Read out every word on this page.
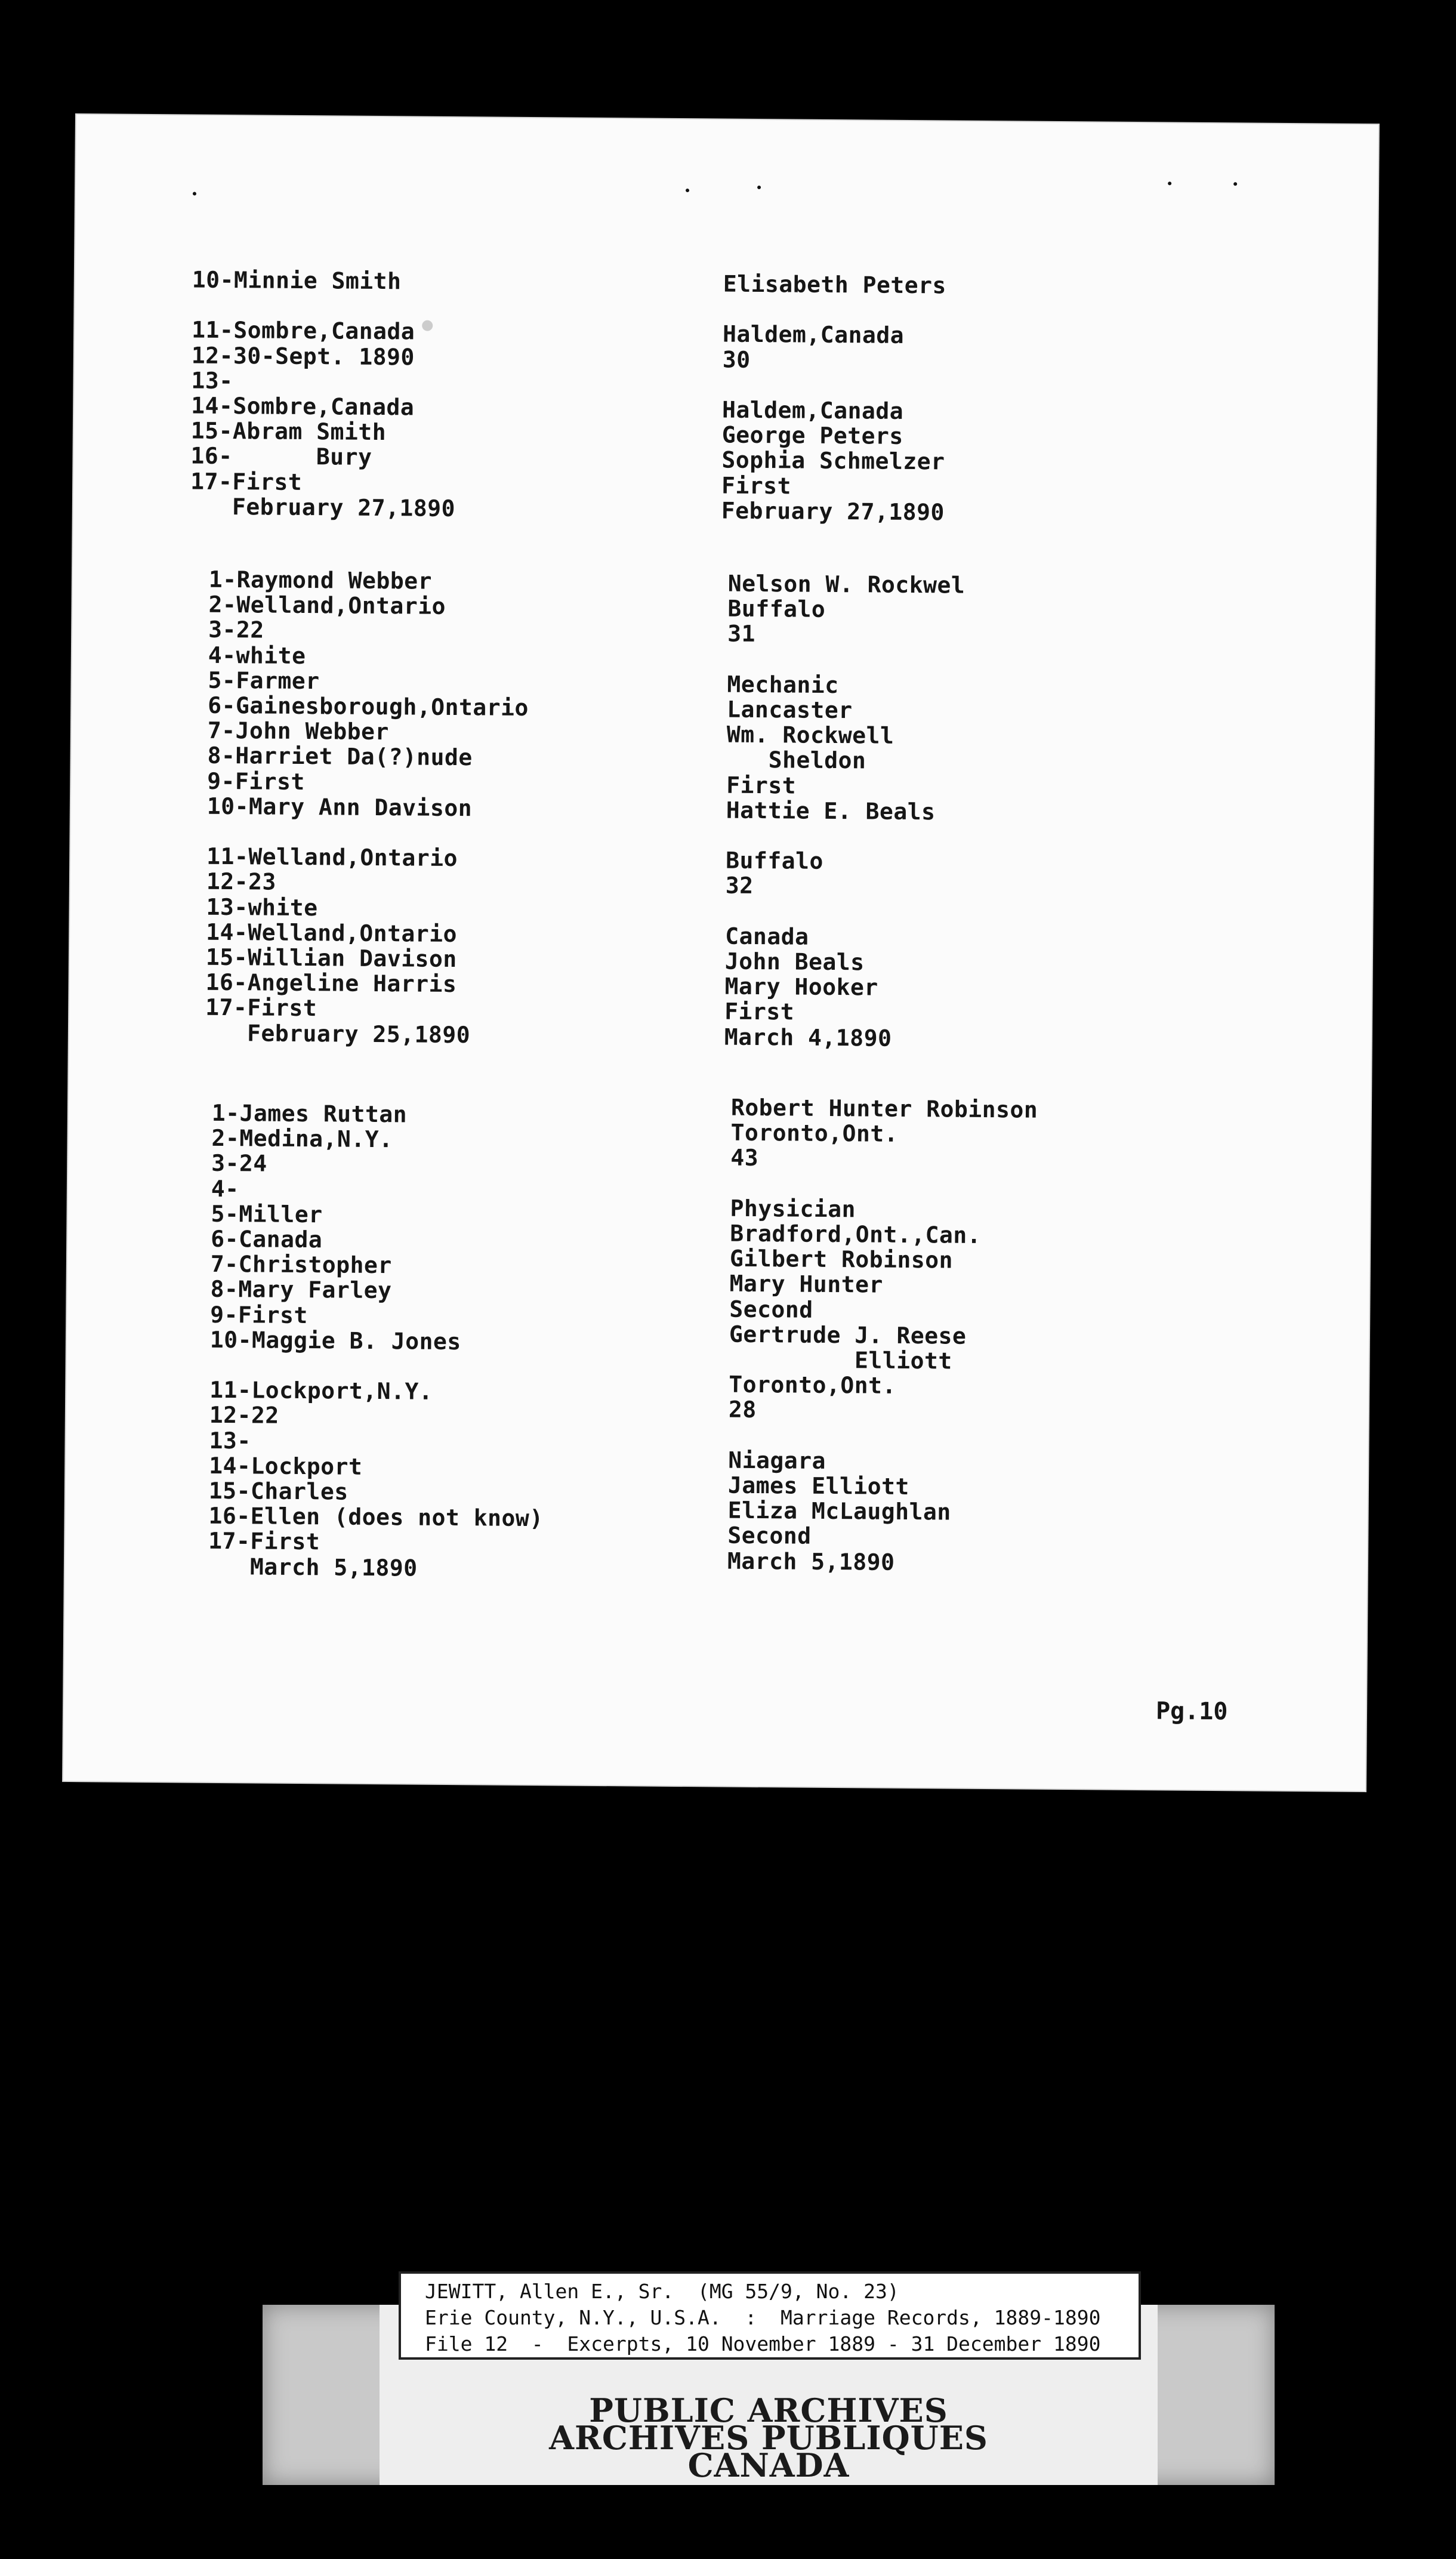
10-Minnie Smith

11-Sombre,Canada
12-30-Sept. 1890
13-
14-Sombre,Canada
15-Abram Smith
16-      Bury
17-First
February 27,1890
Elisabeth Peters

Haldem,Canada
30

Haldem,Canada
George Peters
Sophia Schmelzer
First
February 27,1890
1-Raymond Webber
2-Welland,Ontario
3-22
4-white
5-Farmer
6-Gainesborough,Ontario
7-John Webber
8-Harriet Da(?)nude
9-First
10-Mary Ann Davison

11-Welland,Ontario
12-23
13-white
14-Welland,Ontario
15-Willian Davison
16-Angeline Harris
17-First
February 25,1890
Nelson W. Rockwel
Buffalo
31

Mechanic
Lancaster
Wm. Rockwell
Sheldon
First
Hattie E. Beals

Buffalo
32

Canada
John Beals
Mary Hooker
First
March 4,1890
1-James Ruttan
2-Medina,N.Y.
3-24
4-
5-Miller
6-Canada
7-Christopher
8-Mary Farley
9-First
10-Maggie B. Jones

11-Lockport,N.Y.
12-22
13-
14-Lockport
15-Charles
16-Ellen (does not know)
17-First
March 5,1890
Robert Hunter Robinson
Toronto,Ont.
43

Physician
Bradford,Ont.,Can.
Gilbert Robinson
Mary Hunter
Second
Gertrude J. Reese
Elliott
Toronto,Ont.
28

Niagara
James Elliott
Eliza McLaughlan
Second
March 5,1890
Pg.10
PUBLIC ARCHIVES
ARCHIVES PUBLIQUES
CANADA
JEWITT, Allen E., Sr.  (MG 55/9, No. 23)
Erie County, N.Y., U.S.A.  :  Marriage Records, 1889-1890
File 12  -  Excerpts, 10 November 1889 - 31 December 1890
